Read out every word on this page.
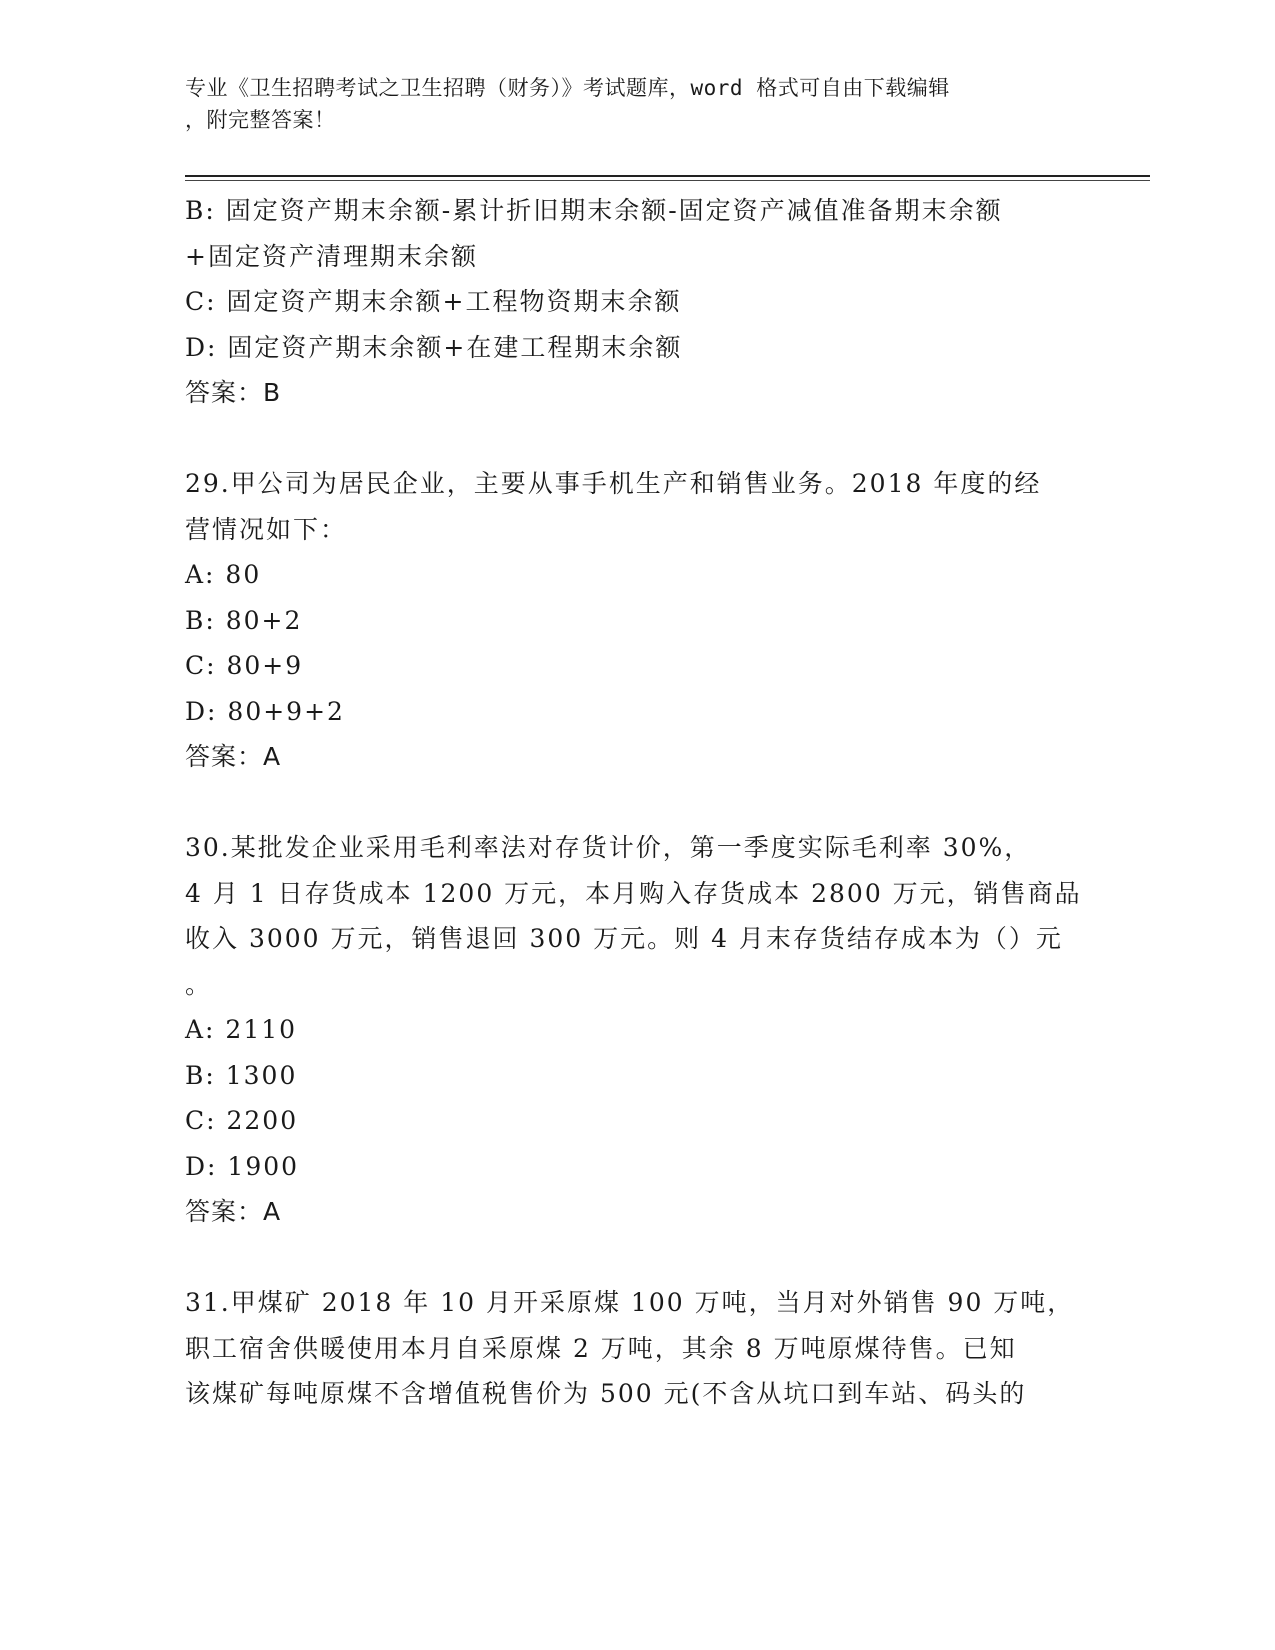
专业《卫生招聘考试之卫生招聘（财务）》考试题库，word 格式可自由下载编辑
，附完整答案！
B: 固定资产期末余额-累计折旧期末余额-固定资产减值准备期末余额
+固定资产清理期末余额
C: 固定资产期末余额+工程物资期末余额
D: 固定资产期末余额+在建工程期末余额
答案：B
29.甲公司为居民企业，主要从事手机生产和销售业务。2018 年度的经
营情况如下：
A: 80
B: 80+2
C: 80+9
D: 80+9+2
答案：A
30.某批发企业采用毛利率法对存货计价，第一季度实际毛利率 30%，
4 月 1 日存货成本 1200 万元，本月购入存货成本 2800 万元，销售商品
收入 3000 万元，销售退回 300 万元。则 4 月末存货结存成本为（）元
。
A: 2110
B: 1300
C: 2200
D: 1900
答案：A
31.甲煤矿 2018 年 10 月开采原煤 100 万吨，当月对外销售 90 万吨，
职工宿舍供暖使用本月自采原煤 2 万吨，其余 8 万吨原煤待售。已知
该煤矿每吨原煤不含增值税售价为 500 元(不含从坑口到车站、码头的
